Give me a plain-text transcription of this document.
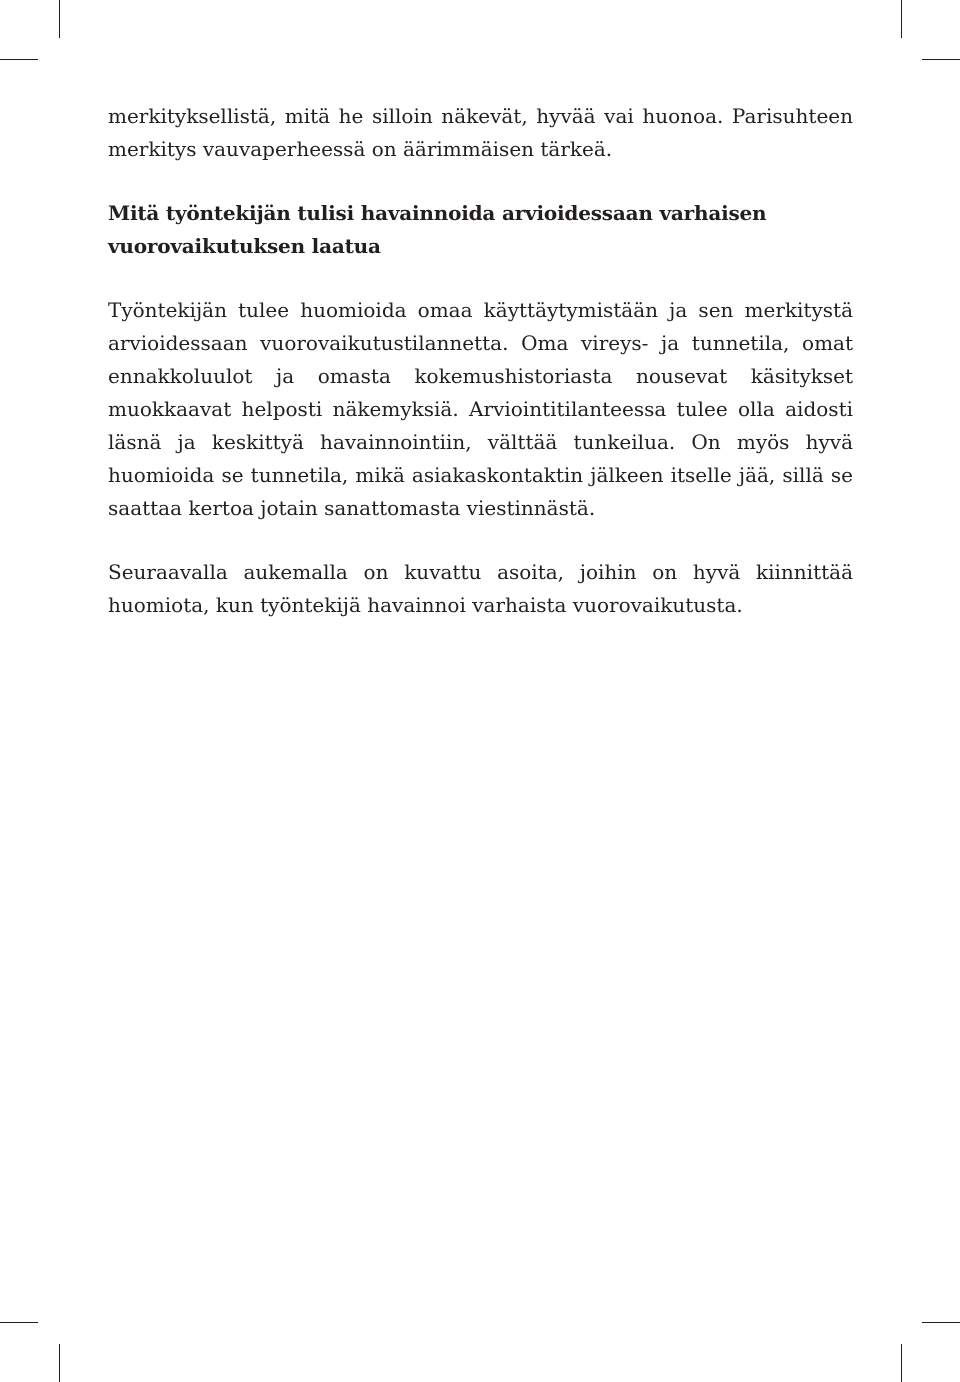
merkityksellistä, mitä he silloin näkevät, hyvää vai huonoa. Parisuhteen merkitys vauvaperheessä on äärimmäisen tärkeä.

Mitä työntekijän tulisi havainnoida arvioidessaan varhaisen vuorovaikutuksen laatua

Työntekijän tulee huomioida omaa käyttäytymistään ja sen merkitystä arvioidessaan vuorovaikutustilannetta. Oma vireys- ja tunnetila, omat ennakkoluulot ja omasta kokemushistoriasta nousevat käsitykset muokkaavat helposti näkemyksiä. Arviointitilanteessa tulee olla aidosti läsnä ja keskittyä havainnointiin, välttää tunkeilua. On myös hyvä huomioida se tunnetila, mikä asiakaskontaktin jälkeen itselle jää, sillä se saattaa kertoa jotain sanattomasta viestinnästä.

Seuraavalla aukemalla on kuvattu asoita, joihin on hyvä kiinnittää huomiota, kun työntekijä havainnoi varhaista vuorovaikutusta.
